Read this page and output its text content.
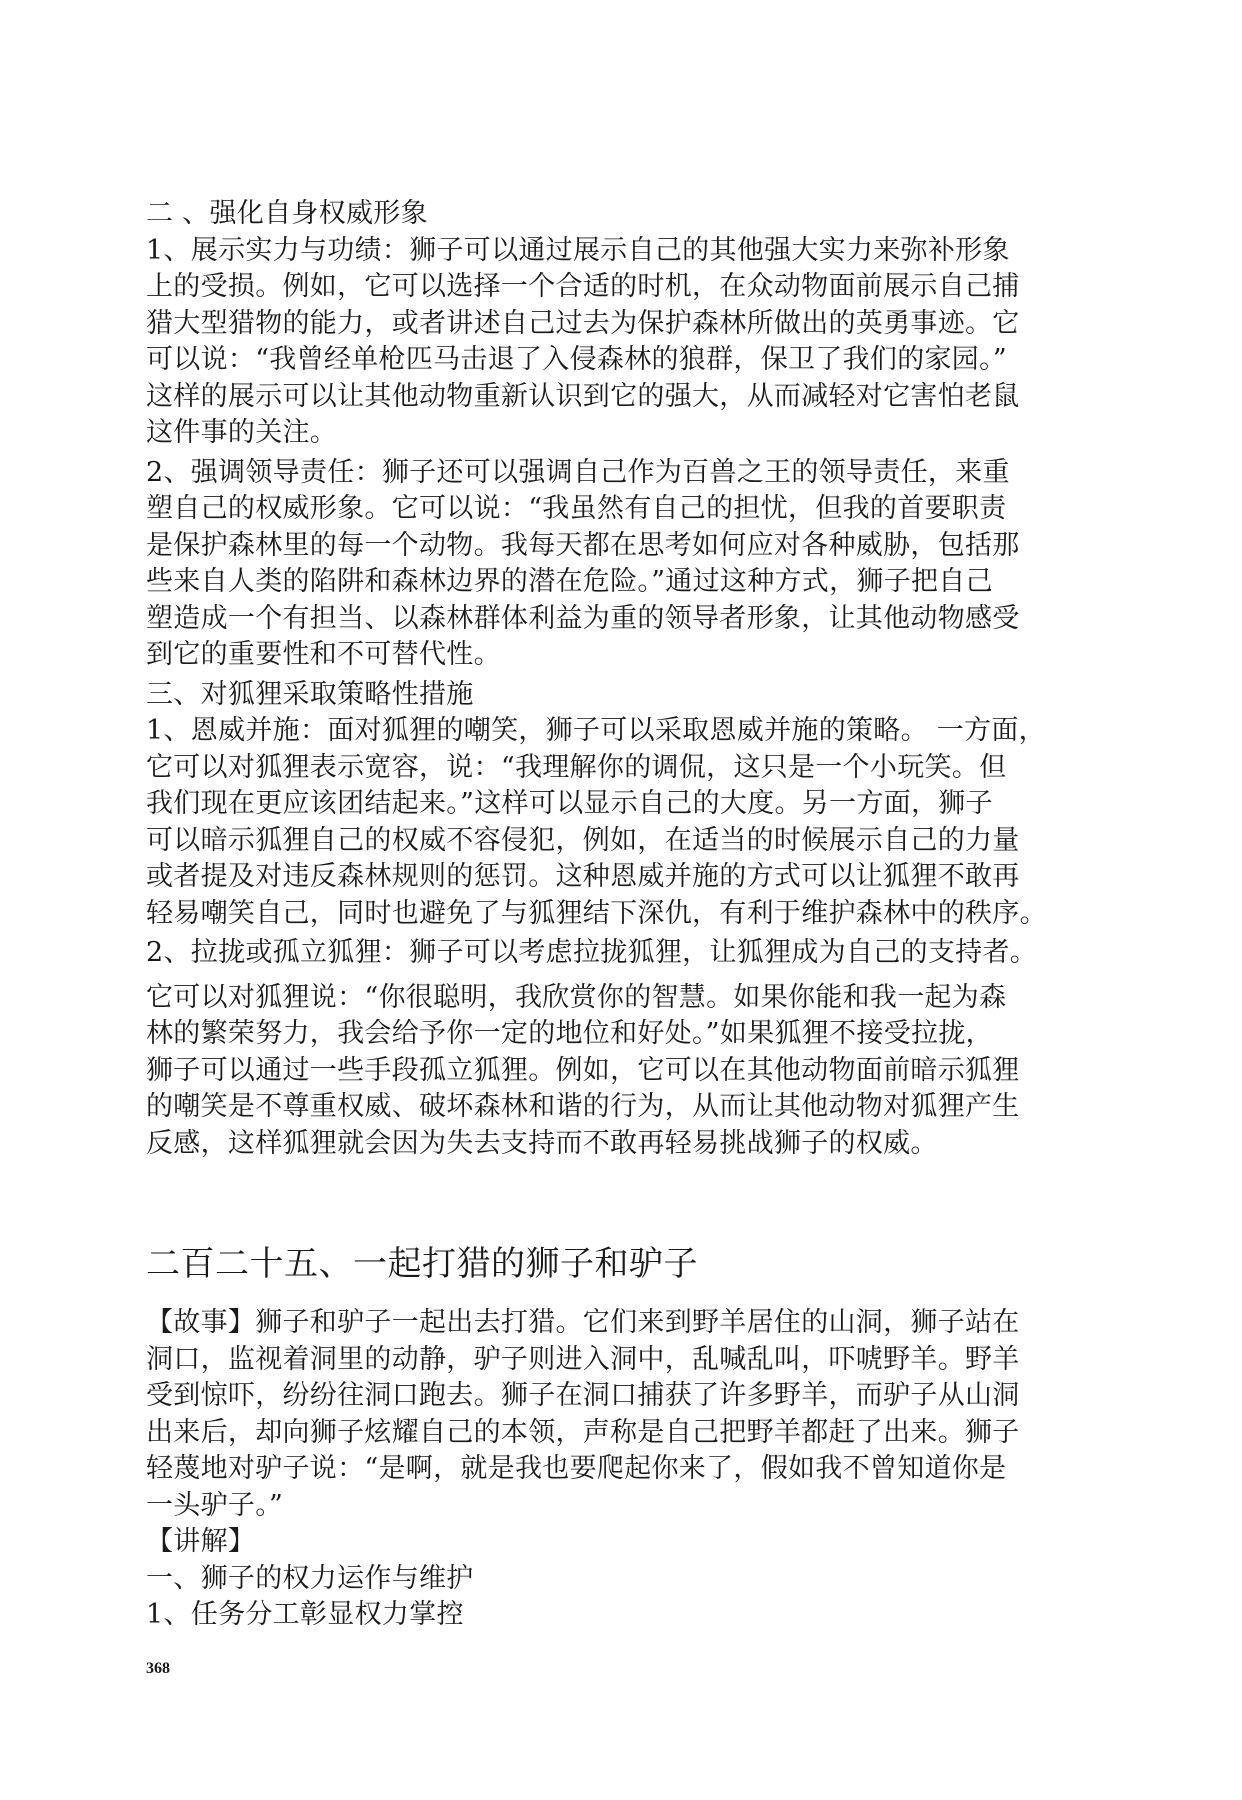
二 、强化自身权威形象
1、展示实力与功绩：狮子可以通过展示自己的其他强大实力来弥补形象
上的受损。例如，它可以选择一个合适的时机，在众动物面前展示自己捕
猎大型猎物的能力，或者讲述自己过去为保护森林所做出的英勇事迹。它
可以说：“我曾经单枪匹马击退了入侵森林的狼群，保卫了我们的家园。”
这样的展示可以让其他动物重新认识到它的强大，从而减轻对它害怕老鼠
这件事的关注。
2、强调领导责任：狮子还可以强调自己作为百兽之王的领导责任，来重
塑自己的权威形象。它可以说：“我虽然有自己的担忧，但我的首要职责
是保护森林里的每一个动物。我每天都在思考如何应对各种威胁，包括那
些来自人类的陷阱和森林边界的潜在危险。”通过这种方式，狮子把自己
塑造成一个有担当、以森林群体利益为重的领导者形象，让其他动物感受
到它的重要性和不可替代性。
三、对狐狸采取策略性措施
1、恩威并施：面对狐狸的嘲笑，狮子可以采取恩威并施的策略。 一方面，
它可以对狐狸表示宽容，说：“我理解你的调侃，这只是一个小玩笑。但
我们现在更应该团结起来。”这样可以显示自己的大度。另一方面，狮子
可以暗示狐狸自己的权威不容侵犯，例如，在适当的时候展示自己的力量
或者提及对违反森林规则的惩罚。这种恩威并施的方式可以让狐狸不敢再
轻易嘲笑自己，同时也避免了与狐狸结下深仇，有利于维护森林中的秩序。
2、拉拢或孤立狐狸：狮子可以考虑拉拢狐狸，让狐狸成为自己的支持者。
它可以对狐狸说：“你很聪明，我欣赏你的智慧。如果你能和我一起为森
林的繁荣努力，我会给予你一定的地位和好处。”如果狐狸不接受拉拢，
狮子可以通过一些手段孤立狐狸。例如，它可以在其他动物面前暗示狐狸
的嘲笑是不尊重权威、破坏森林和谐的行为，从而让其他动物对狐狸产生
反感，这样狐狸就会因为失去支持而不敢再轻易挑战狮子的权威。
二百二十五、一起打猎的狮子和驴子
【故事】狮子和驴子一起出去打猎。它们来到野羊居住的山洞，狮子站在
洞口，监视着洞里的动静，驴子则进入洞中，乱喊乱叫，吓唬野羊。野羊
受到惊吓，纷纷往洞口跑去。狮子在洞口捕获了许多野羊，而驴子从山洞
出来后，却向狮子炫耀自己的本领，声称是自己把野羊都赶了出来。狮子
轻蔑地对驴子说：“是啊，就是我也要爬起你来了，假如我不曾知道你是
一头驴子。”
【讲解】
一、狮子的权力运作与维护
1、任务分工彰显权力掌控
368
